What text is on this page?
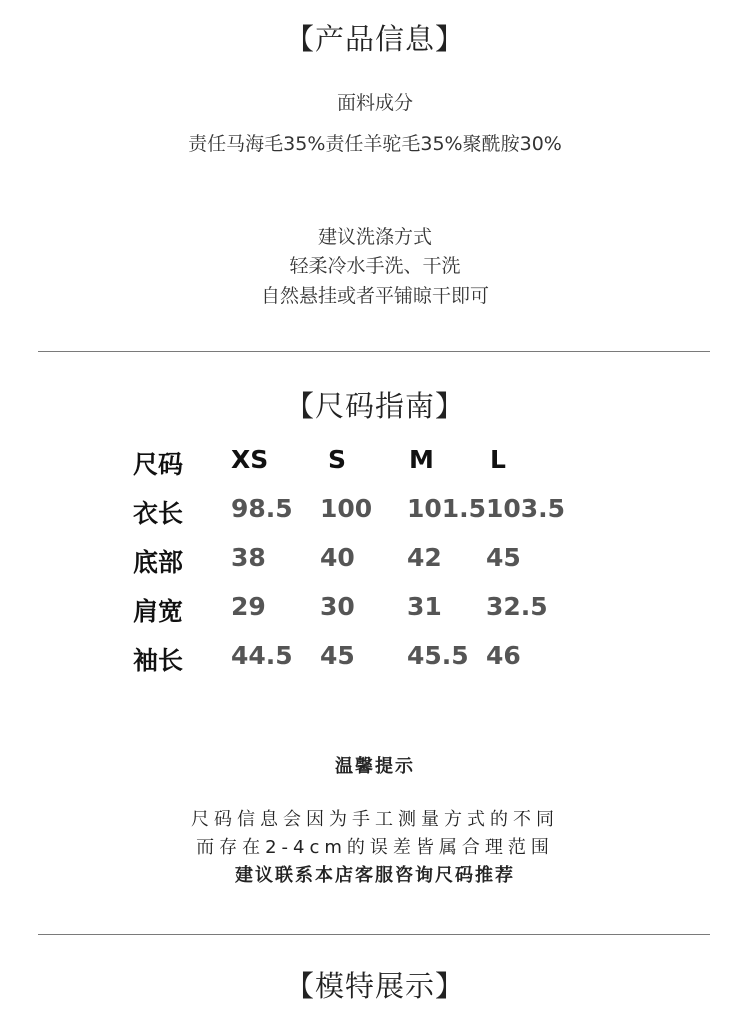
【产品信息】
面料成分
责任马海毛35%责任羊驼毛35%聚酰胺30%
建议洗涤方式
轻柔冷水手洗、干洗
自然悬挂或者平铺晾干即可
【尺码指南】
尺码 XS S	M L
衣长 98.5 100 101.5 103.5
底部 38 40 42 45
肩宽 29 30 31 32.5
袖长 44.5 45 45.5 46
温馨提示
尺码信息会因为手工测量方式的不同
而存在2-4cm的误差皆属合理范围
建议联系本店客服咨询尺码推荐
【模特展示】
